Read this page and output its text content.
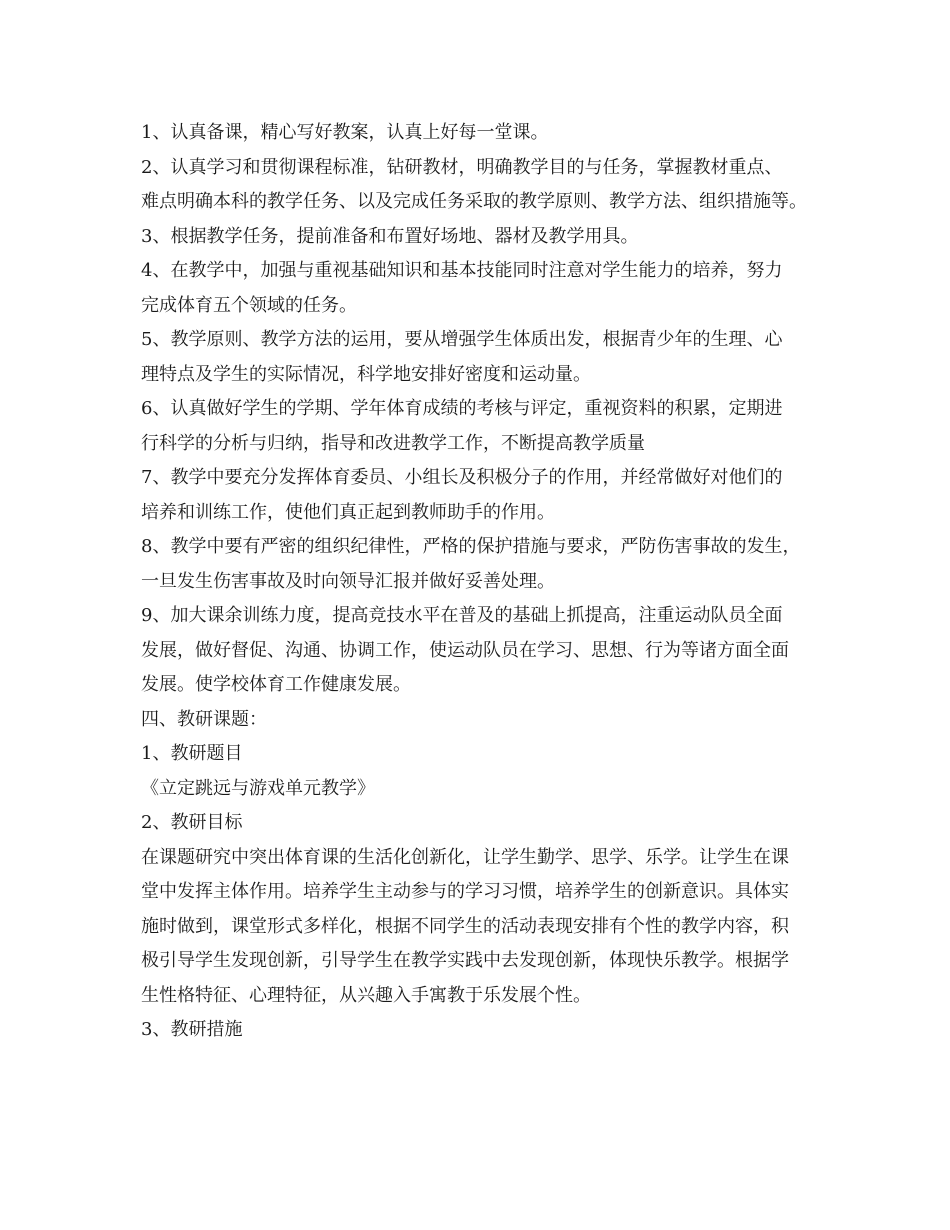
1、认真备课，精心写好教案，认真上好每一堂课。
2、认真学习和贯彻课程标准，钻研教材，明确教学目的与任务，掌握教材重点、
难点明确本科的教学任务、以及完成任务采取的教学原则、教学方法、组织措施等。
3、根据教学任务，提前准备和布置好场地、器材及教学用具。
4、在教学中，加强与重视基础知识和基本技能同时注意对学生能力的培养，努力
完成体育五个领域的任务。
5、教学原则、教学方法的运用，要从增强学生体质出发，根据青少年的生理、心
理特点及学生的实际情况，科学地安排好密度和运动量。
6、认真做好学生的学期、学年体育成绩的考核与评定，重视资料的积累，定期进
行科学的分析与归纳，指导和改进教学工作，不断提高教学质量
7、教学中要充分发挥体育委员、小组长及积极分子的作用，并经常做好对他们的
培养和训练工作，使他们真正起到教师助手的作用。
8、教学中要有严密的组织纪律性，严格的保护措施与要求，严防伤害事故的发生，
一旦发生伤害事故及时向领导汇报并做好妥善处理。
9、加大课余训练力度，提高竞技水平在普及的基础上抓提高，注重运动队员全面
发展，做好督促、沟通、协调工作，使运动队员在学习、思想、行为等诸方面全面
发展。使学校体育工作健康发展。
四、教研课题：
1、教研题目
《立定跳远与游戏单元教学》
2、教研目标
在课题研究中突出体育课的生活化创新化，让学生勤学、思学、乐学。让学生在课
堂中发挥主体作用。培养学生主动参与的学习习惯，培养学生的创新意识。具体实
施时做到，课堂形式多样化，根据不同学生的活动表现安排有个性的教学内容，积
极引导学生发现创新，引导学生在教学实践中去发现创新，体现快乐教学。根据学
生性格特征、心理特征，从兴趣入手寓教于乐发展个性。
3、教研措施
